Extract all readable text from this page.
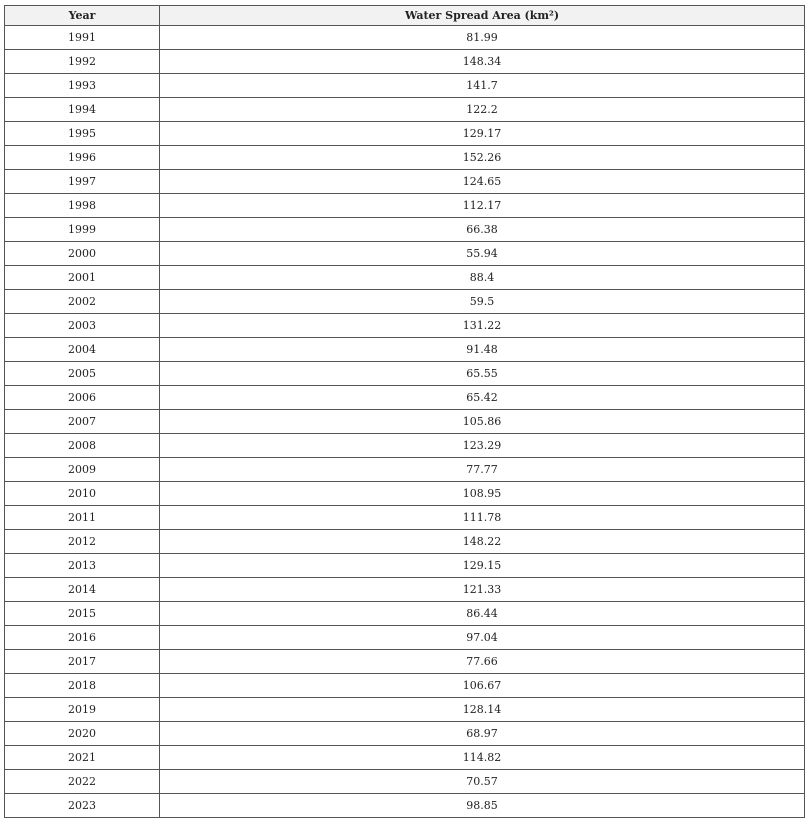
Year	Water Spread Area (km²)
1991	81.99
1992	148.34
1993	141.7
1994	122.2
1995	129.17
1996	152.26
1997	124.65
1998	112.17
1999	66.38
2000	55.94
2001	88.4
2002	59.5
2003	131.22
2004	91.48
2005	65.55
2006	65.42
2007	105.86
2008	123.29
2009	77.77
2010	108.95
2011	111.78
2012	148.22
2013	129.15
2014	121.33
2015	86.44
2016	97.04
2017	77.66
2018	106.67
2019	128.14
2020	68.97
2021	114.82
2022	70.57
2023	98.85
